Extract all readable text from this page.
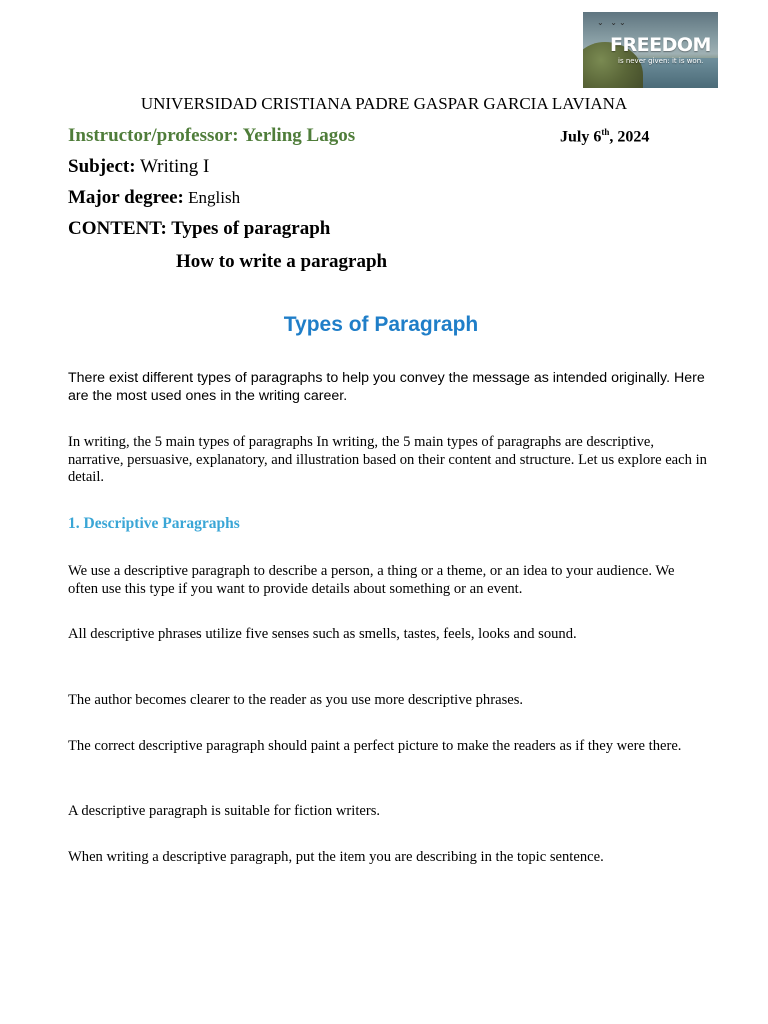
⌄ ⌄⌄
FREEDOM
is never given: it is won.
UNIVERSIDAD CRISTIANA PADRE GASPAR GARCIA LAVIANA
Instructor/professor: Yerling Lagos	July 6th, 2024
Subject: Writing I
Major degree: English
CONTENT: Types of paragraph
How to write a paragraph
Types of Paragraph
There exist different types of paragraphs to help you convey the message as intended originally. Here are the most used ones in the writing career.
In writing, the 5 main types of paragraphs In writing, the 5 main types of paragraphs are descriptive, narrative, persuasive, explanatory, and illustration based on their content and structure. Let us explore each in detail.
1. Descriptive Paragraphs
We use a descriptive paragraph to describe a person, a thing or a theme, or an idea to your audience. We often use this type if you want to provide details about something or an event.
All descriptive phrases utilize five senses such as smells, tastes, feels, looks and sound.
The author becomes clearer to the reader as you use more descriptive phrases.
The correct descriptive paragraph should paint a perfect picture to make the readers as if they were there.
A descriptive paragraph is suitable for fiction writers.
When writing a descriptive paragraph, put the item you are describing in the topic sentence.
